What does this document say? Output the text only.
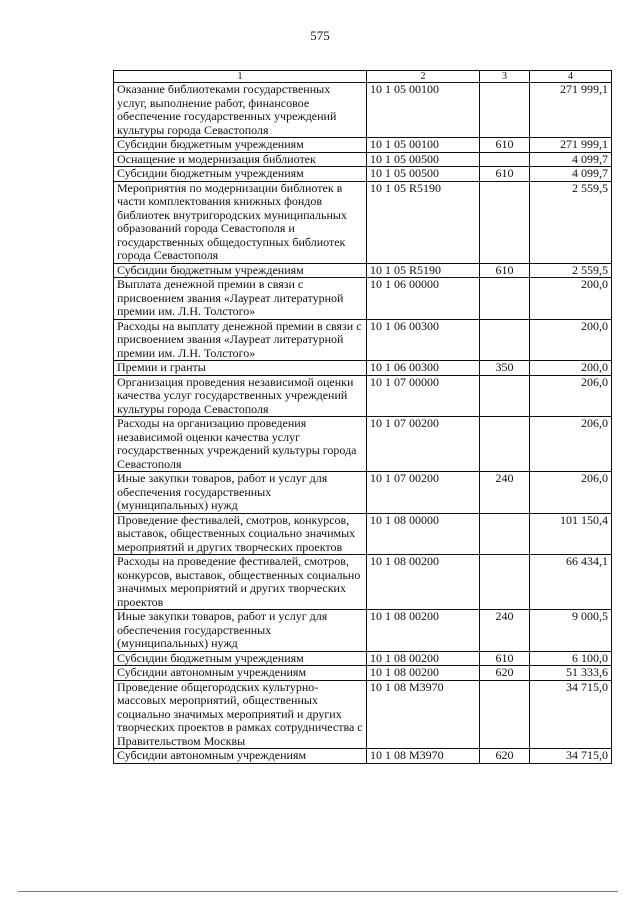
575
1	2	3	4
Оказание библиотеками государственных услуг, выполнение работ, финансовое обеспечение государственных учреждений культуры города Севастополя	10 1 05 00100		271 999,1
Субсидии бюджетным учреждениям	10 1 05 00100	610	271 999,1
Оснащение и модернизация библиотек	10 1 05 00500		4 099,7
Субсидии бюджетным учреждениям	10 1 05 00500	610	4 099,7
Мероприятия по модернизации библиотек в части комплектования книжных фондов библиотек внутригородских муниципальных образований города Севастополя и государственных общедоступных библиотек города Севастополя	10 1 05 R5190		2 559,5
Субсидии бюджетным учреждениям	10 1 05 R5190	610	2 559,5
Выплата денежной премии в связи с присвоением звания «Лауреат литературной премии им. Л.Н. Толстого»	10 1 06 00000		200,0
Расходы на выплату денежной премии в связи с присвоением звания «Лауреат литературной премии им. Л.Н. Толстого»	10 1 06 00300		200,0
Премии и гранты	10 1 06 00300	350	200,0
Организация проведения независимой оценки качества услуг государственных учреждений культуры города Севастополя	10 1 07 00000		206,0
Расходы на организацию проведения независимой оценки качества услуг государственных учреждений культуры города Севастополя	10 1 07 00200		206,0
Иные закупки товаров, работ и услуг для обеспечения государственных (муниципальных) нужд	10 1 07 00200	240	206,0
Проведение фестивалей, смотров, конкурсов, выставок, общественных социально значимых мероприятий и других творческих проектов	10 1 08 00000		101 150,4
Расходы на проведение фестивалей, смотров, конкурсов, выставок, общественных социально значимых мероприятий и других творческих проектов	10 1 08 00200		66 434,1
Иные закупки товаров, работ и услуг для обеспечения государственных (муниципальных) нужд	10 1 08 00200	240	9 000,5
Субсидии бюджетным учреждениям	10 1 08 00200	610	6 100,0
Субсидии автономным учреждениям	10 1 08 00200	620	51 333,6
Проведение общегородских культурно-массовых мероприятий, общественных социально значимых мероприятий и других творческих проектов в рамках сотрудничества с Правительством Москвы	10 1 08 М3970		34 715,0
Субсидии автономным учреждениям	10 1 08 М3970	620	34 715,0
